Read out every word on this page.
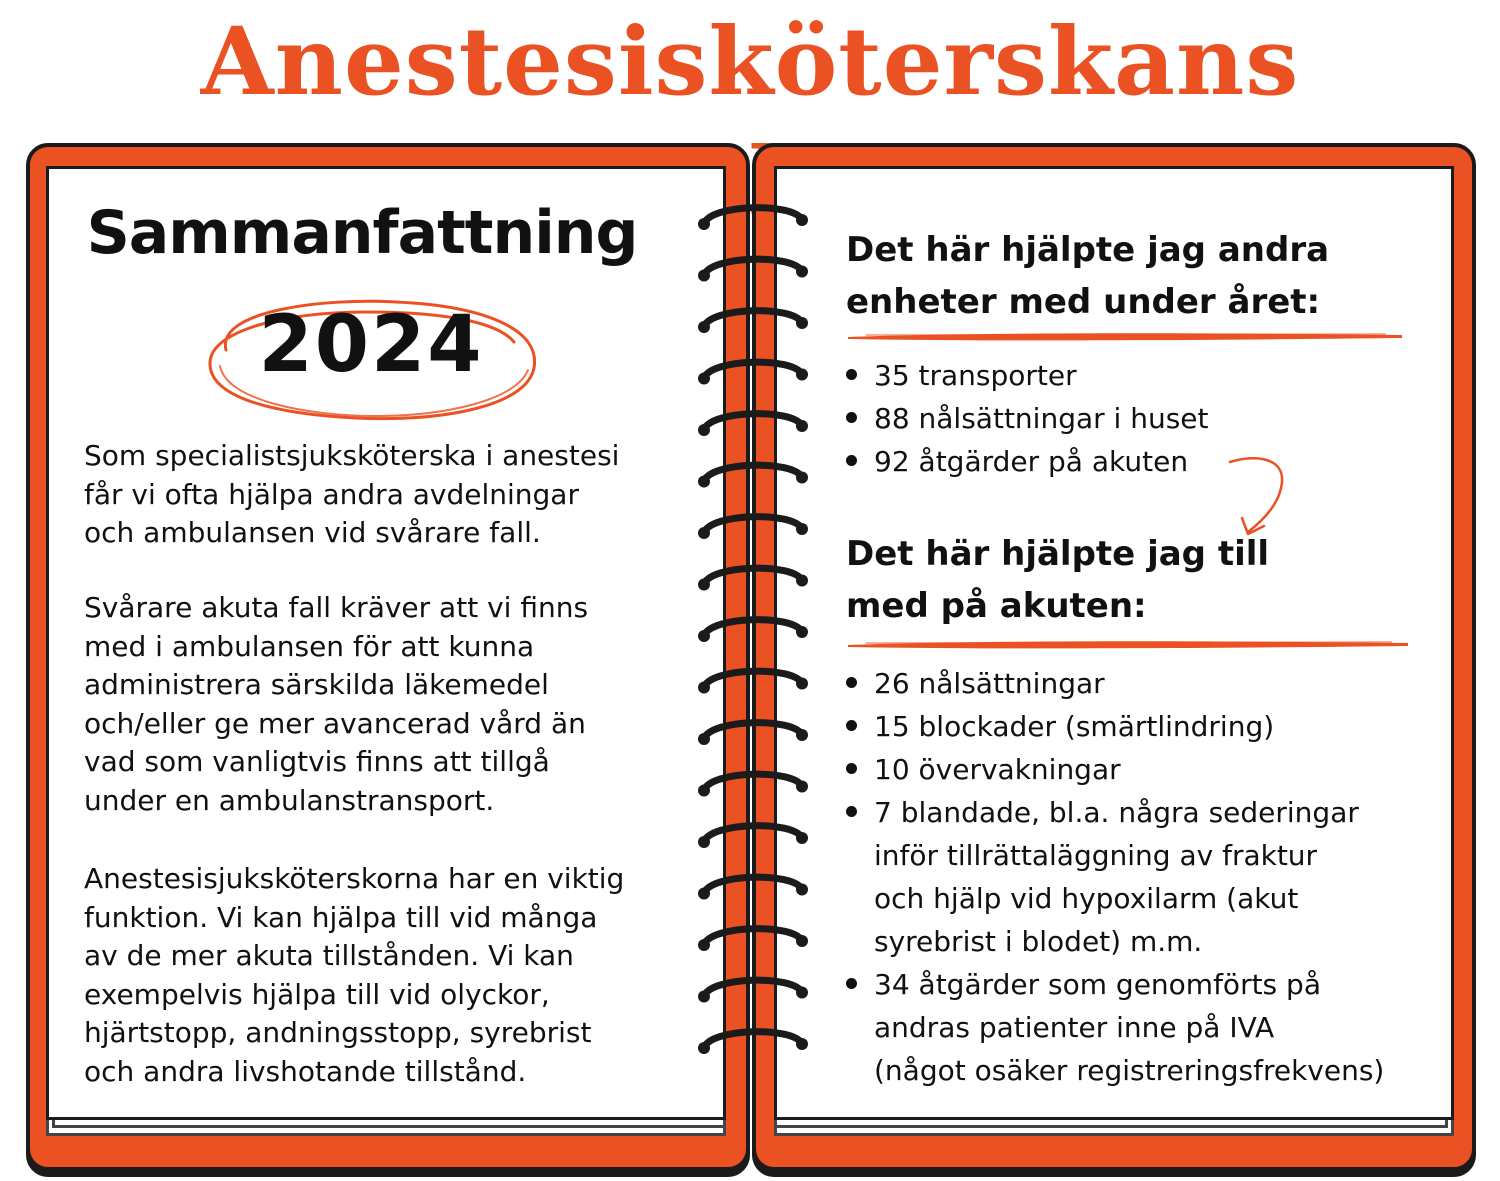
Anestesisköterskans
Sammanfattning
2024
Som specialistsjuksköterska i anestesi
får vi ofta hjälpa andra avdelningar
och ambulansen vid svårare fall.
Svårare akuta fall kräver att vi finns
med i ambulansen för att kunna
administrera särskilda läkemedel
och/eller ge mer avancerad vård än
vad som vanligtvis finns att tillgå
under en ambulanstransport.
Anestesisjuksköterskorna har en viktig
funktion. Vi kan hjälpa till vid många
av de mer akuta tillstånden. Vi kan
exempelvis hjälpa till vid olyckor,
hjärtstopp, andningsstopp, syrebrist
och andra livshotande tillstånd.
Det här hjälpte jag andra
enheter med under året:
35 transporter
88 nålsättningar i huset
92 åtgärder på akuten
Det här hjälpte jag till
med på akuten:
26 nålsättningar
15 blockader (smärtlindring)
10 övervakningar
7 blandade, bl.a. några sederingar
inför tillrättaläggning av fraktur
och hjälp vid hypoxilarm (akut
syrebrist i blodet) m.m.
34 åtgärder som genomförts på
andras patienter inne på IVA
(något osäker registreringsfrekvens)
